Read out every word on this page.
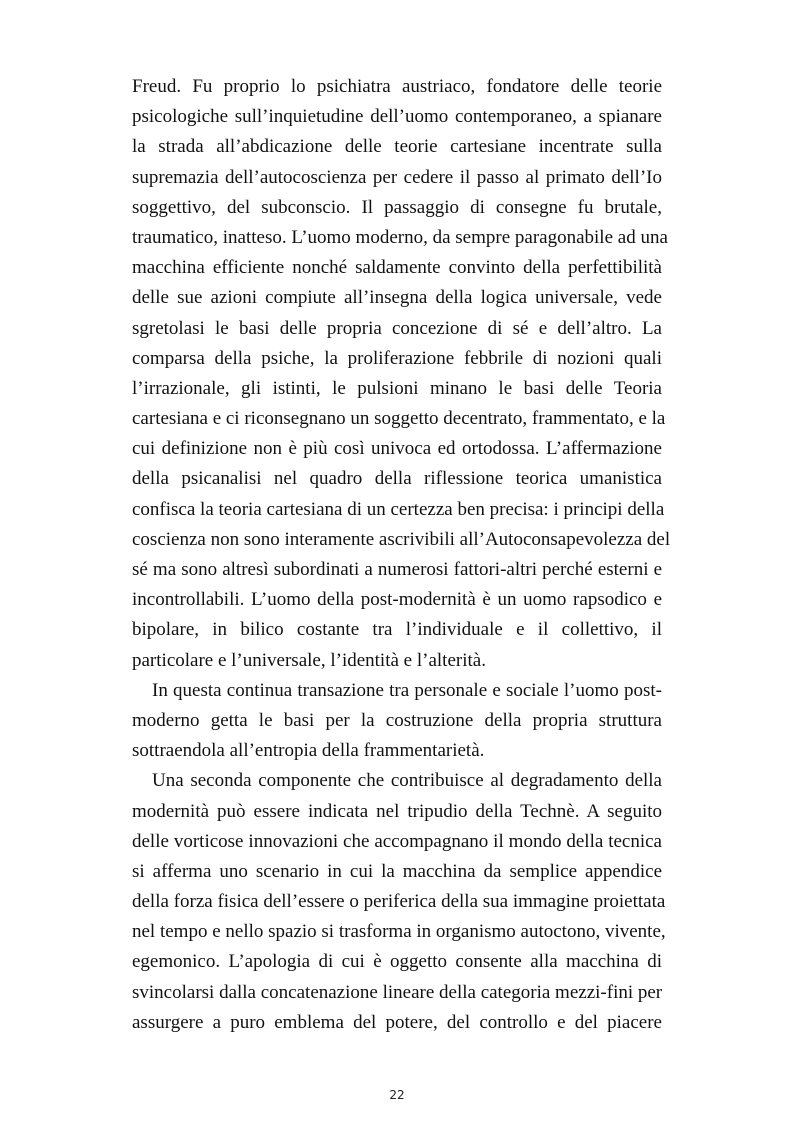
Freud. Fu proprio lo psichiatra austriaco, fondatore delle teorie
psicologiche sull’inquietudine dell’uomo contemporaneo, a spianare
la strada all’abdicazione delle teorie cartesiane incentrate sulla
supremazia dell’autocoscienza per cedere il passo al primato dell’Io
soggettivo, del subconscio. Il passaggio di consegne fu brutale,
traumatico, inatteso. L’uomo moderno, da sempre paragonabile ad una
macchina efficiente nonché saldamente convinto della perfettibilità
delle sue azioni compiute all’insegna della logica universale, vede
sgretolasi le basi delle propria concezione di sé e dell’altro. La
comparsa della psiche, la proliferazione febbrile di nozioni quali
l’irrazionale, gli istinti, le pulsioni minano le basi delle Teoria
cartesiana e ci riconsegnano un soggetto decentrato, frammentato, e la
cui definizione non è più così univoca ed ortodossa. L’affermazione
della psicanalisi nel quadro della riflessione teorica umanistica
confisca la teoria cartesiana di un certezza ben precisa: i principi della
coscienza non sono interamente ascrivibili all’Autoconsapevolezza del
sé ma sono altresì subordinati a numerosi fattori-altri perché esterni e
incontrollabili. L’uomo della post-modernità è un uomo rapsodico e
bipolare, in bilico costante tra l’individuale e il collettivo, il
particolare e l’universale, l’identità e l’alterità.
In questa continua transazione tra personale e sociale l’uomo post-
moderno getta le basi per la costruzione della propria struttura
sottraendola all’entropia della frammentarietà.
Una seconda componente che contribuisce al degradamento della
modernità può essere indicata nel tripudio della Technè. A seguito
delle vorticose innovazioni che accompagnano il mondo della tecnica
si afferma uno scenario in cui la macchina da semplice appendice
della forza fisica dell’essere o periferica della sua immagine proiettata
nel tempo e nello spazio si trasforma in organismo autoctono, vivente,
egemonico. L’apologia di cui è oggetto consente alla macchina di
svincolarsi dalla concatenazione lineare della categoria mezzi-fini per
assurgere a puro emblema del potere, del controllo e del piacere
22
